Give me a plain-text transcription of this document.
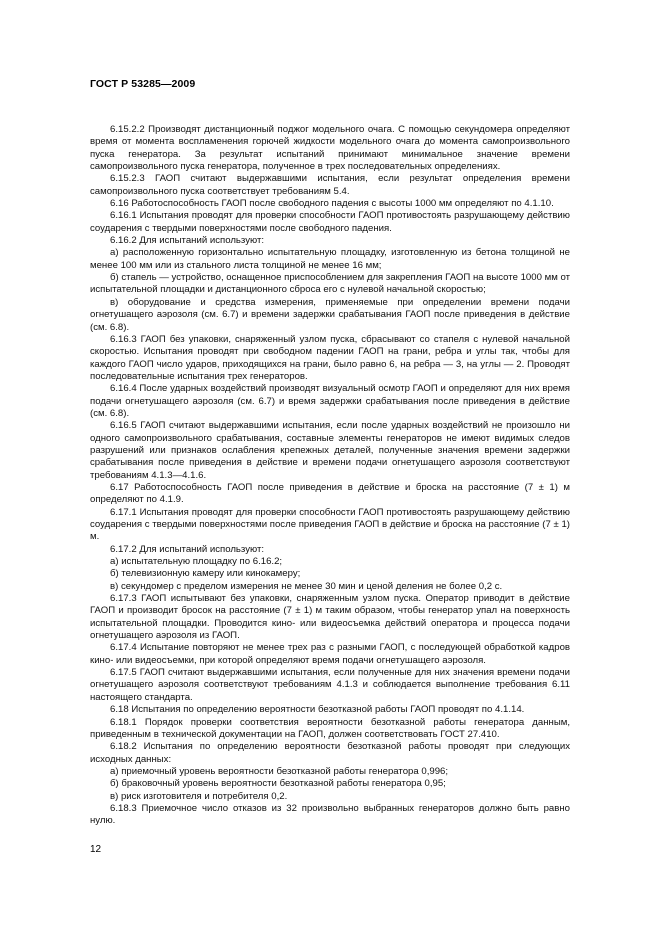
ГОСТ Р 53285—2009

6.15.2.2 Производят дистанционный поджог модельного очага. С помощью секундомера определяют время от момента воспламенения горючей жидкости модельного очага до момента самопроизвольного пуска генератора. За результат испытаний принимают минимальное значение времени самопроизвольного пуска генератора, полученное в трех последовательных определениях.

6.15.2.3 ГАОП считают выдержавшими испытания, если результат определения времени самопроизвольного пуска соответствует требованиям 5.4.

6.16 Работоспособность ГАОП после свободного падения с высоты 1000 мм определяют по 4.1.10.

6.16.1 Испытания проводят для проверки способности ГАОП противостоять разрушающему действию соударения с твердыми поверхностями после свободного падения.

6.16.2 Для испытаний используют:

а) расположенную горизонтально испытательную площадку, изготовленную из бетона толщиной не менее 100 мм или из стального листа толщиной не менее 16 мм;

б) стапель — устройство, оснащенное приспособлением для закрепления ГАОП на высоте 1000 мм от испытательной площадки и дистанционного сброса его с нулевой начальной скоростью;

в) оборудование и средства измерения, применяемые при определении времени подачи огнетушащего аэрозоля (см. 6.7) и времени задержки срабатывания ГАОП после приведения в действие (см. 6.8).

6.16.3 ГАОП без упаковки, снаряженный узлом пуска, сбрасывают со стапеля с нулевой начальной скоростью. Испытания проводят при свободном падении ГАОП на грани, ребра и углы так, чтобы для каждого ГАОП число ударов, приходящихся на грани, было равно 6, на ребра — 3, на углы — 2. Проводят последовательные испытания трех генераторов.

6.16.4 После ударных воздействий производят визуальный осмотр ГАОП и определяют для них время подачи огнетушащего аэрозоля (см. 6.7) и время задержки срабатывания после приведения в действие (см. 6.8).

6.16.5 ГАОП считают выдержавшими испытания, если после ударных воздействий не произошло ни одного самопроизвольного срабатывания, составные элементы генераторов не имеют видимых следов разрушений или признаков ослабления крепежных деталей, полученные значения времени задержки срабатывания после приведения в действие и времени подачи огнетушащего аэрозоля соответствуют требованиям 4.1.3—4.1.6.

6.17 Работоспособность ГАОП после приведения в действие и броска на расстояние (7 ± 1) м определяют по 4.1.9.

6.17.1 Испытания проводят для проверки способности ГАОП противостоять разрушающему действию соударения с твердыми поверхностями после приведения ГАОП в действие и броска на расстояние (7 ± 1) м.

6.17.2 Для испытаний используют:

а) испытательную площадку по 6.16.2;

б) телевизионную камеру или кинокамеру;

в) секундомер с пределом измерения не менее 30 мин и ценой деления не более 0,2 с.

6.17.3 ГАОП испытывают без упаковки, снаряженным узлом пуска. Оператор приводит в действие ГАОП и производит бросок на расстояние (7 ± 1) м таким образом, чтобы генератор упал на поверхность испытательной площадки. Проводится кино- или видеосъемка действий оператора и процесса подачи огнетушащего аэрозоля из ГАОП.

6.17.4 Испытание повторяют не менее трех раз с разными ГАОП, с последующей обработкой кадров кино- или видеосъемки, при которой определяют время подачи огнетушащего аэрозоля.

6.17.5 ГАОП считают выдержавшими испытания, если полученные для них значения времени подачи огнетушащего аэрозоля соответствуют требованиям 4.1.3 и соблюдается выполнение требования 6.11 настоящего стандарта.

6.18 Испытания по определению вероятности безотказной работы ГАОП проводят по 4.1.14.

6.18.1 Порядок проверки соответствия вероятности безотказной работы генератора данным, приведенным в технической документации на ГАОП, должен соответствовать ГОСТ 27.410.

6.18.2 Испытания по определению вероятности безотказной работы проводят при следующих исходных данных:

а) приемочный уровень вероятности безотказной работы генератора 0,996;

б) браковочный уровень вероятности безотказной работы генератора 0,95;

в) риск изготовителя и потребителя 0,2.

6.18.3 Приемочное число отказов из 32 произвольно выбранных генераторов должно быть равно нулю.

12
